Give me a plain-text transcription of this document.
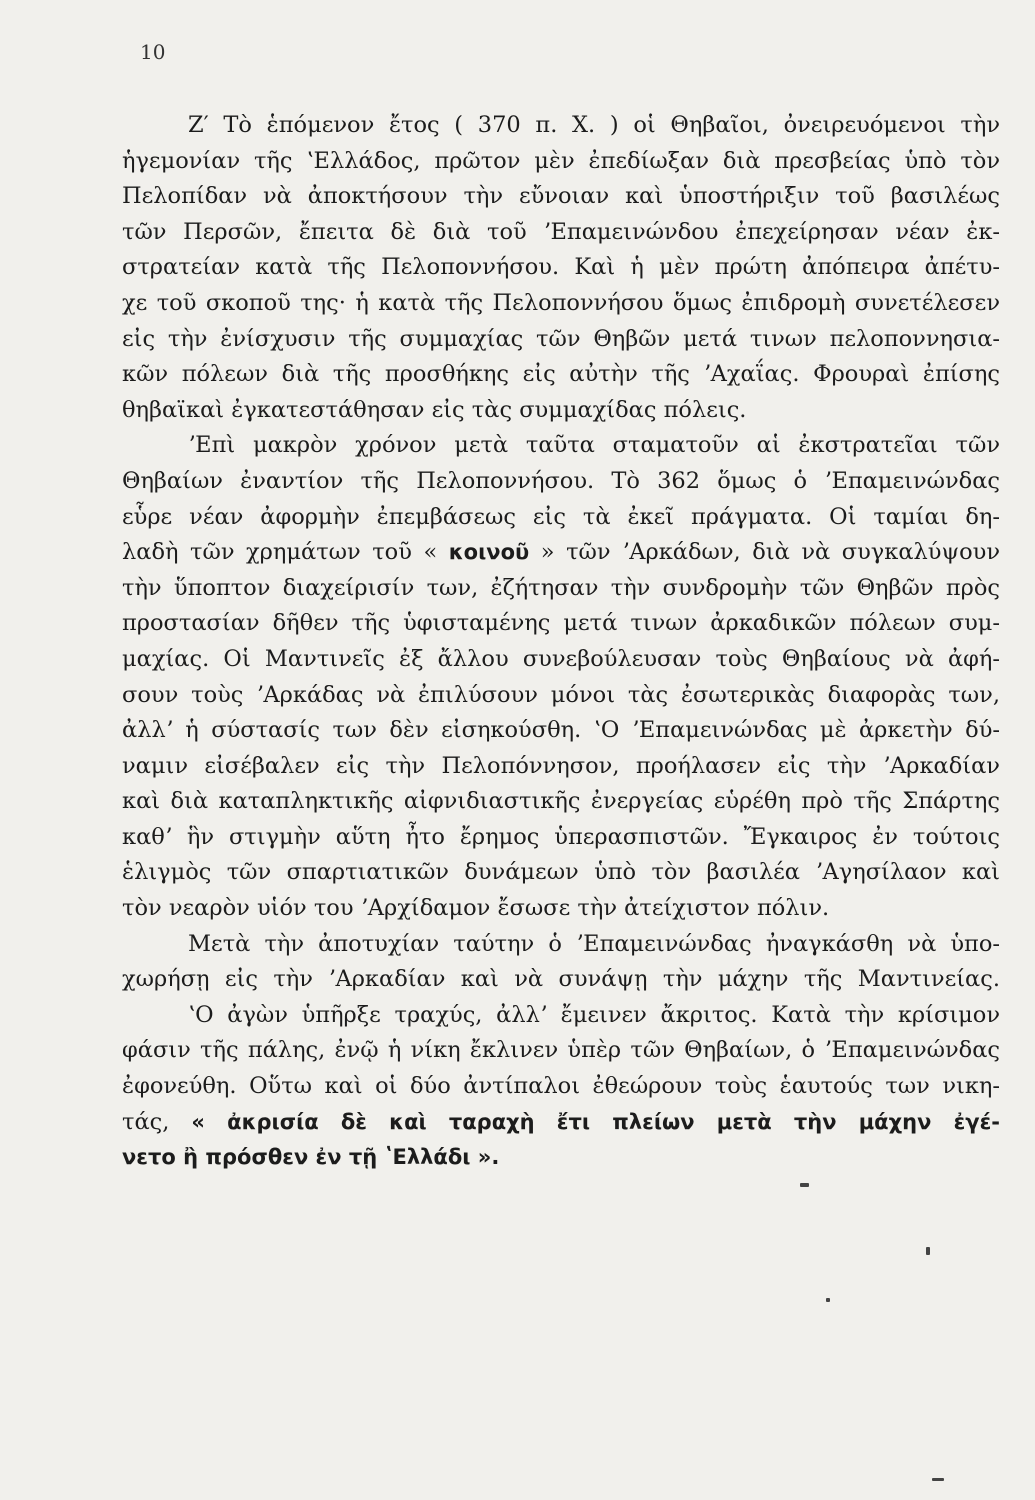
10
Ζ′ Τὸ ἑπόμενον ἔτος ( 370 π. Χ. ) οἱ Θηβαῖοι, ὀνειρευόμενοι τὴν
ἡγεμονίαν τῆς ʽΕλλάδος, πρῶτον μὲν ἐπεδίωξαν διὰ πρεσβείας ὑπὸ τὸν
Πελοπίδαν νὰ ἀποκτήσουν τὴν εὔνοιαν καὶ ὑποστήριξιν τοῦ βασιλέως
τῶν Περσῶν, ἔπειτα δὲ διὰ τοῦ ʼΕπαμεινώνδου ἐπεχείρησαν νέαν ἐκ-
στρατείαν κατὰ τῆς Πελοποννήσου. Καὶ ἡ μὲν πρώτη ἀπόπειρα ἀπέτυ-
χε τοῦ σκοποῦ της· ἡ κατὰ τῆς Πελοποννήσου ὅμως ἐπιδρομὴ συνετέλεσεν
εἰς τὴν ἐνίσχυσιν τῆς συμμαχίας τῶν Θηβῶν μετά τινων πελοποννησια-
κῶν πόλεων διὰ τῆς προσθήκης εἰς αὐτὴν τῆς ʼΑχαΐας. Φρουραὶ ἐπίσης
θηβαϊκαὶ ἐγκατεστάθησαν εἰς τὰς συμμαχίδας πόλεις.
ʼΕπὶ μακρὸν χρόνον μετὰ ταῦτα σταματοῦν αἱ ἐκστρατεῖαι τῶν
Θηβαίων ἐναντίον τῆς Πελοποννήσου. Τὸ 362 ὅμως ὁ ʼΕπαμεινώνδας
εὗρε νέαν ἀφορμὴν ἐπεμβάσεως εἰς τὰ ἐκεῖ πράγματα. Οἱ ταμίαι δη-
λαδὴ τῶν χρημάτων τοῦ « κοινοῦ » τῶν ʼΑρκάδων, διὰ νὰ συγκαλύψουν
τὴν ὕποπτον διαχείρισίν των, ἐζήτησαν τὴν συνδρομὴν τῶν Θηβῶν πρὸς
προστασίαν δῆθεν τῆς ὑφισταμένης μετά τινων ἀρκαδικῶν πόλεων συμ-
μαχίας. Οἱ Μαντινεῖς ἐξ ἄλλου συνεβούλευσαν τοὺς Θηβαίους νὰ ἀφή-
σουν τοὺς ʼΑρκάδας νὰ ἐπιλύσουν μόνοι τὰς ἐσωτερικὰς διαφορὰς των,
ἀλλʼ ἡ σύστασίς των δὲν εἰσηκούσθη. ʽΟ ʼΕπαμεινώνδας μὲ ἀρκετὴν δύ-
ναμιν εἰσέβαλεν εἰς τὴν Πελοπόννησον, προήλασεν εἰς τὴν ʼΑρκαδίαν
καὶ διὰ καταπληκτικῆς αἰφνιδιαστικῆς ἐνεργείας εὑρέθη πρὸ τῆς Σπάρτης
καθʼ ἣν στιγμὴν αὕτη ἦτο ἔρημος ὑπερασπιστῶν. Ἔγκαιρος ἐν τούτοις
ἑλιγμὸς τῶν σπαρτιατικῶν δυνάμεων ὑπὸ τὸν βασιλέα ʼΑγησίλαον καὶ
τὸν νεαρὸν υἱόν του ʼΑρχίδαμον ἔσωσε τὴν ἀτείχιστον πόλιν.
Μετὰ τὴν ἀποτυχίαν ταύτην ὁ ʼΕπαμεινώνδας ἠναγκάσθη νὰ ὑπο-
χωρήσῃ εἰς τὴν ʼΑρκαδίαν καὶ νὰ συνάψῃ τὴν μάχην τῆς Μαντινείας.
ʽΟ ἀγὼν ὑπῆρξε τραχύς, ἀλλʼ ἔμεινεν ἄκριτος. Κατὰ τὴν κρίσιμον
φάσιν τῆς πάλης, ἐνῷ ἡ νίκη ἔκλινεν ὑπὲρ τῶν Θηβαίων, ὁ ʼΕπαμεινώνδας
ἐφονεύθη. Οὕτω καὶ οἱ δύο ἀντίπαλοι ἐθεώρουν τοὺς ἑαυτούς των νικη-
τάς, « ἀκρισία δὲ καὶ ταραχὴ ἔτι πλείων μετὰ τὴν μάχην ἐγέ-
νετο ἢ πρόσθεν ἐν τῇ ʽΕλλάδι ».
